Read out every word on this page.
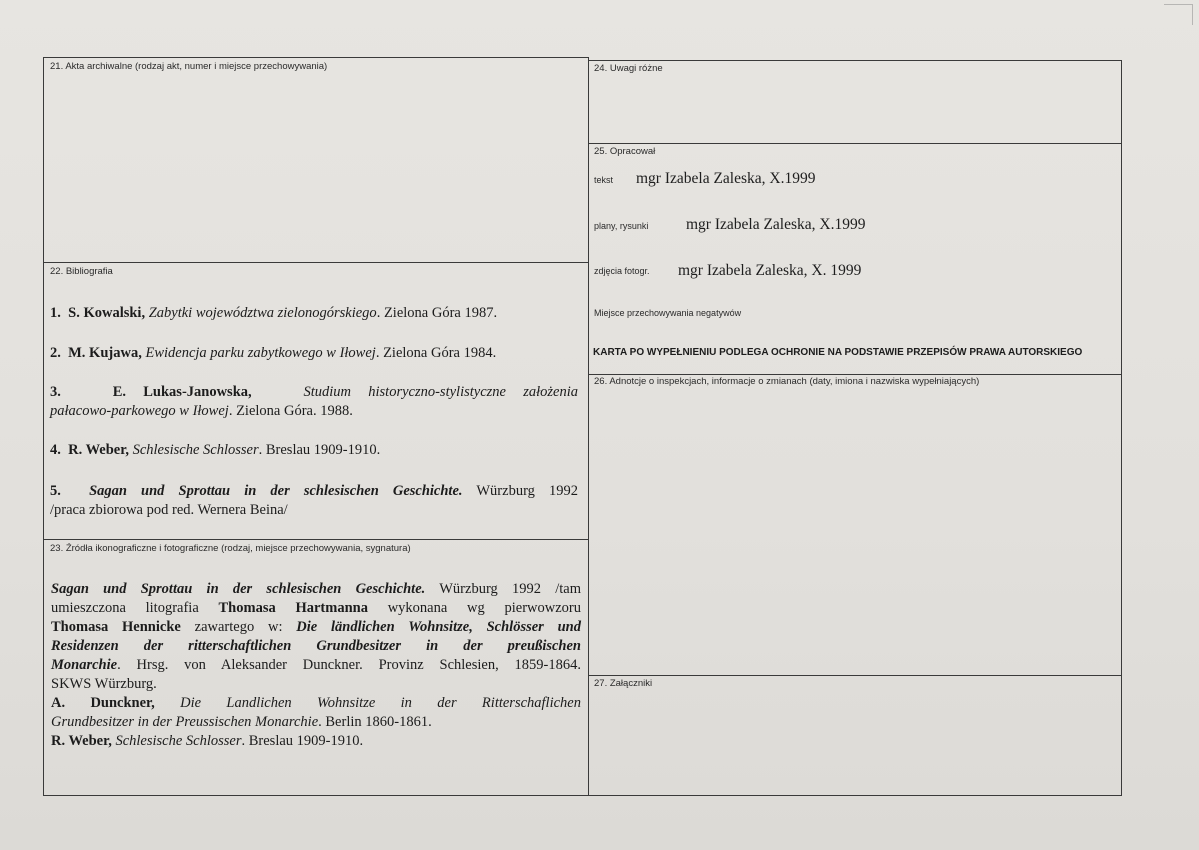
21. Akta archiwalne (rodzaj akt, numer i miejsce przechowywania)
22. Bibliografia
1. S. Kowalski, Zabytki województwa zielonogórskiego. Zielona Góra 1987.
2. M. Kujawa, Ewidencja parku zabytkowego w Iłowej. Zielona Góra 1984.
3.	E. Lukas-Janowska,	Studium historyczno-stylistyczne założenia
pałacowo-parkowego w Iłowej. Zielona Góra. 1988.
4. R. Weber, Schlesische Schlosser. Breslau 1909-1910.
5. Sagan und Sprottau in der schlesischen Geschichte. Würzburg 1992
/praca zbiorowa pod red. Wernera Beina/
23. Źródła ikonograficzne i fotograficzne (rodzaj, miejsce przechowywania, sygnatura)
Sagan und Sprottau in der schlesischen Geschichte. Würzburg 1992 /tam
umieszczona litografia Thomasa Hartmanna wykonana wg pierwowzoru
Thomasa Hennicke zawartego w: Die ländlichen Wohnsitze, Schlösser und
Residenzen der ritterschaftlichen Grundbesitzer in der preußischen
Monarchie. Hrsg. von Aleksander Dunckner. Provinz Schlesien, 1859-1864.
SKWS Würzburg.
A. Dunckner, Die Landlichen Wohnsitze in der Ritterschaflichen
Grundbesitzer in der Preussischen Monarchie. Berlin 1860-1861.
R. Weber, Schlesische Schlosser. Breslau 1909-1910.
24. Uwagi różne
25. Opracował
tekst mgr Izabela Zaleska, X.1999
plany, rysunki mgr Izabela Zaleska, X.1999
zdjęcia fotogr. mgr Izabela Zaleska, X. 1999
Miejsce przechowywania negatywów
KARTA PO WYPEŁNIENIU PODLEGA OCHRONIE NA PODSTAWIE PRZEPISÓW PRAWA AUTORSKIEGO
26. Adnotcje o inspekcjach, informacje o zmianach (daty, imiona i nazwiska wypełniających)
27. Załączniki
